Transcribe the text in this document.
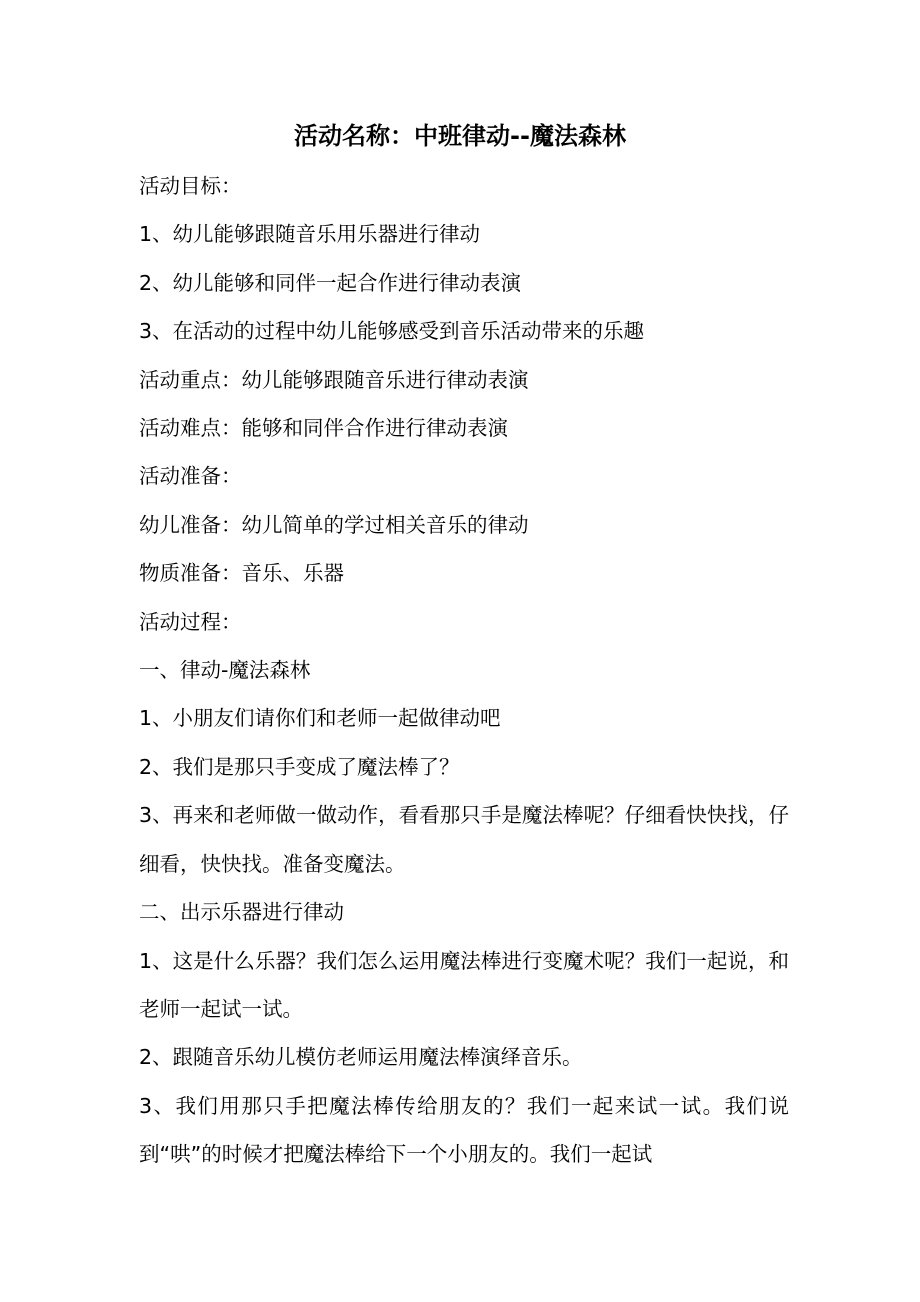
活动名称：中班律动--魔法森林

活动目标：

1、幼儿能够跟随音乐用乐器进行律动

2、幼儿能够和同伴一起合作进行律动表演

3、在活动的过程中幼儿能够感受到音乐活动带来的乐趣

活动重点：幼儿能够跟随音乐进行律动表演

活动难点：能够和同伴合作进行律动表演

活动准备：

幼儿准备：幼儿简单的学过相关音乐的律动

物质准备：音乐、乐器

活动过程：

一、律动-魔法森林

1、小朋友们请你们和老师一起做律动吧

2、我们是那只手变成了魔法棒了？

3、再来和老师做一做动作，看看那只手是魔法棒呢？仔细看快快找，仔细看，快快找。准备变魔法。

二、出示乐器进行律动

1、这是什么乐器？我们怎么运用魔法棒进行变魔术呢？我们一起说，和老师一起试一试。

2、跟随音乐幼儿模仿老师运用魔法棒演绎音乐。

3、我们用那只手把魔法棒传给朋友的？我们一起来试一试。我们说到“哄”的时候才把魔法棒给下一个小朋友的。我们一起试
